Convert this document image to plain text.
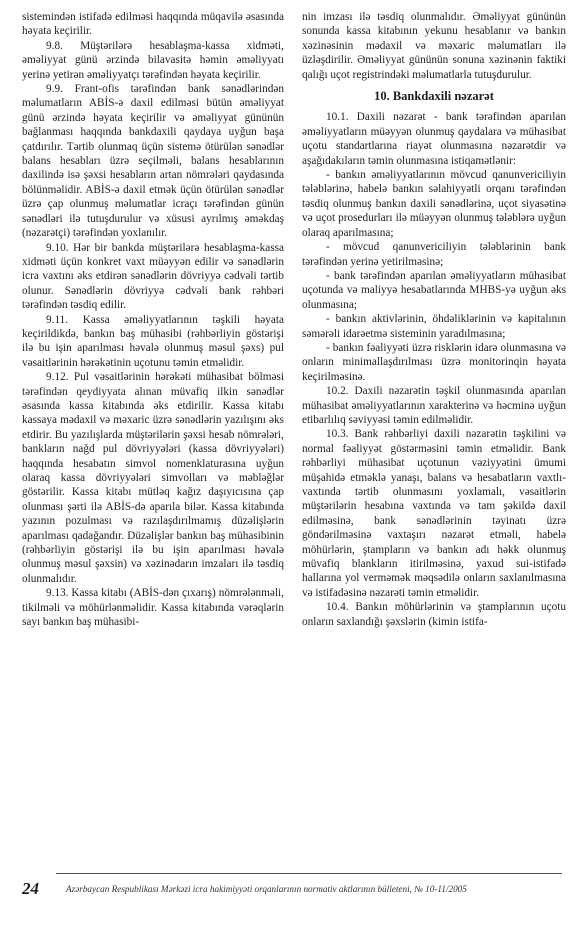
sistemindən istifadə edilməsi haqqında müqavilə əsasında həyata keçirilir.

9.8. Müştərilərə hesablaşma-kassa xidməti, əməliyyat günü ərzində bilavasitə həmin əməliyyatı yerinə yetirən əməliyyatçı tərəfindən həyata keçirilir.

9.9. Frant-ofis tərəfindən bank sənədlərindən məlumatların ABİS-ə daxil edilməsi bütün əməliyyat günü ərzində həyata keçirilir və əməliyyat gününün bağlanması haqqında bankdaxili qaydaya uyğun başa çatdırılır. Tərtib olunmaq üçün sistemə ötürülən sənədlər balans hesabları üzrə seçilməli, balans hesablarının daxilində isə şəxsi hesabların artan nömrələri qaydasında bölünməlidir. ABİS-ə daxil etmək üçün ötürülən sənədlər üzrə çap olunmuş məlumatlar icraçı tərəfindən günün sənədləri ilə tutuşdurulur və xüsusi ayrılmış əməkdaş (nəzarətçi) tərəfindən yoxlanılır.

9.10. Hər bir bankda müştərilərə hesablaşma-kassa xidməti üçün konkret vaxt müəyyən edilir və sənədlərin icra vaxtını əks etdirən sənədlərin dövriyyə cədvəli tərtib olunur. Sənədlərin dövriyyə cədvəli bank rəhbəri tərəfindən təsdiq edilir.

9.11. Kassa əməliyyatlarının təşkili həyata keçirildikdə, bankın baş mühasibi (rəhbərliyin göstərişi ilə bu işin aparılması həvalə olunmuş məsul şəxs) pul vəsaitlərinin hərəkətinin uçotunu təmin etməlidir.

9.12. Pul vəsaitlərinin hərəkəti mühasibat bölməsi tərəfindən qeydiyyata alınan müvafiq ilkin sənədlər əsasında kassa kitabında əks etdirilir. Kassa kitabı kassaya mədaxil və məxaric üzrə sənədlərin yazılışını əks etdirir. Bu yazılışlarda müştərilərin şəxsi hesab nömrələri, bankların nağd pul dövriyyələri (kassa dövriyyələri) haqqında hesabatın simvol nomenklaturasına uyğun olaraq kassa dövriyyələri simvolları və məbləğlər göstərilir. Kassa kitabı mütləq kağız daşıyıcısına çap olunması şərti ilə ABİS-də aparıla bilər. Kassa kitabında yazının pozulması və razılaşdırılmamış düzəlişlərin aparılması qadağandır. Düzəlişlər bankın baş mühasibinin (rəhbərliyin göstərişi ilə bu işin aparılması həvalə olunmuş məsul şəxsin) və xəzinədarın imzaları ilə təsdiq olunmalıdır.

9.13. Kassa kitabı (ABİS-dən çıxarış) nömrələnməli, tikilməli və möhürlənməlidir. Kassa kitabında vərəqlərin sayı bankın baş mühasibi-

nin imzası ilə təsdiq olunmalıdır. Əməliyyat gününün sonunda kassa kitabının yekunu hesablanır və bankın xəzinəsinin mədaxil və məxaric məlumatları ilə üzləşdirilir. Əməliyyat gününün sonuna xəzinənin faktiki qalığı uçot registrindəki məlumatlarla tutuşdurulur.

10. Bankdaxili nəzarət

10.1. Daxili nəzarət - bank tərəfindən aparılan əməliyyatların müəyyən olunmuş qaydalara və mühasibat uçotu standartlarına riayət olunmasına nəzarətdir və aşağıdakıların təmin olunmasına istiqamətlənir:

- bankın əməliyyatlarının mövcud qanunvericiliyin tələblərinə, habelə bankın səlahiyyətli orqanı tərəfindən təsdiq olunmuş bankın daxili sənədlərinə, uçot siyasətinə və uçot prosedurları ilə müəyyən olunmuş tələblərə uyğun olaraq aparılmasına;

- mövcud qanunvericiliyin tələblərinin bank tərəfindən yerinə yetirilməsinə;

- bank tərəfindən aparılan əməliyyatların mühasibat uçotunda və maliyyə hesabatlarında MHBS-yə uyğun əks olunmasına;

- bankın aktivlərinin, öhdəliklərinin və kapitalının səmərəli idarəetmə sisteminin yaradılmasına;

- bankın fəaliyyəti üzrə risklərin idarə olunmasına və onların minimallaşdırılması üzrə monitorinqin həyata keçirilməsinə.

10.2. Daxili nəzarətin təşkil olunmasında aparılan mühasibat əməliyyatlarının xarakterinə və həcminə uyğun etibarlılıq səviyyəsi təmin edilməlidir.

10.3. Bank rəhbərliyi daxili nəzarətin təşkilini və normal fəaliyyət göstərməsini təmin etməlidir. Bank rəhbərliyi mühasibat uçotunun vəziyyətini ümumi müşahidə etməklə yanaşı, balans və hesabatların vaxtlı-vaxtında tərtib olunmasını yoxlamalı, vəsaitlərin müştərilərin hesabına vaxtında və tam şəkildə daxil edilməsinə, bank sənədlərinin təyinatı üzrə göndərilməsinə vaxtaşırı nəzarət etməli, habelə möhürlərin, ştampların və bankın adı həkk olunmuş müvafiq blankların itirilməsinə, yaxud sui-istifadə hallarına yol verməmək məqsədilə onların saxlanılmasına və istifadəsinə nəzarəti təmin etməlidir.

10.4. Bankın möhürlərinin və ştamplarının uçotu onların saxlandığı şəxslərin (kimin istifa-

24	Azərbaycan Respublikası Mərkəzi icra hakimiyyəti orqanlarının normativ aktlarının bülleteni, № 10-11/2005
